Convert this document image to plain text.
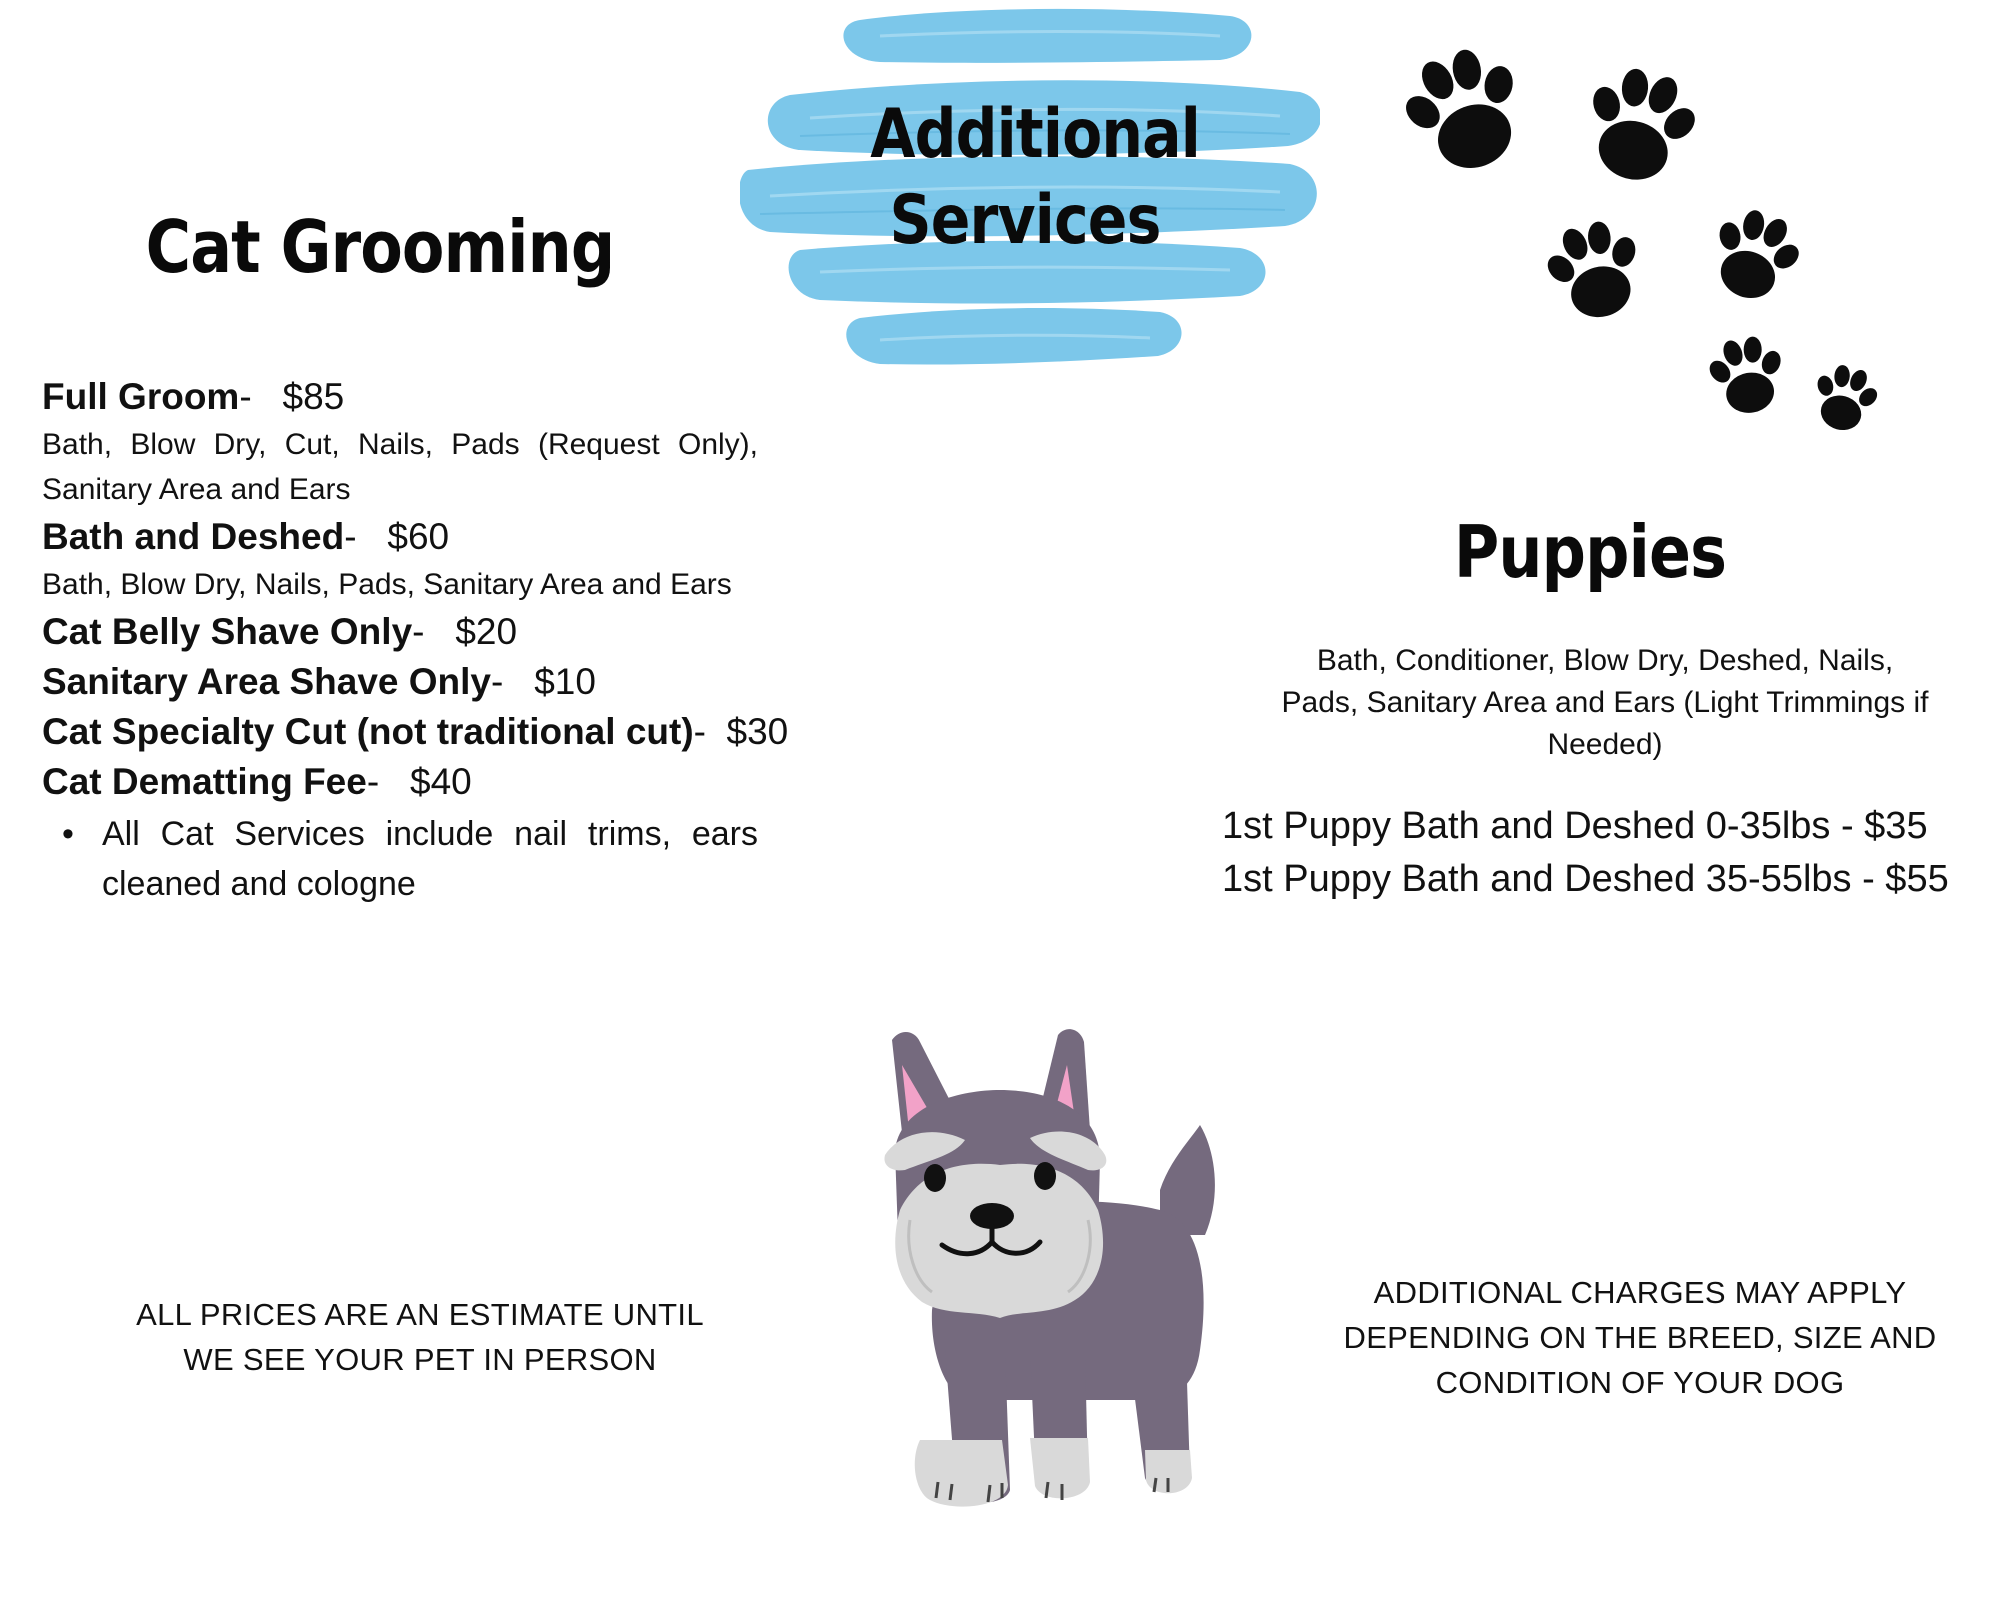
Additional
Services
Cat Grooming
Full Groom- $85
Bath, Blow Dry, Cut, Nails, Pads (Request Only), Sanitary Area and Ears
Bath and Deshed- $60
Bath, Blow Dry, Nails, Pads, Sanitary Area and Ears
Cat Belly Shave Only- $20
Sanitary Area Shave Only- $10
Cat Specialty Cut (not traditional cut)- $30
Cat Dematting Fee- $40
• All Cat Services include nail trims, ears cleaned and cologne
Puppies
Bath, Conditioner, Blow Dry, Deshed, Nails, Pads, Sanitary Area and Ears (Light Trimmings if Needed)
1st Puppy Bath and Deshed 0-35lbs - $35
1st Puppy Bath and Deshed 35-55lbs - $55
ALL PRICES ARE AN ESTIMATE UNTIL WE SEE YOUR PET IN PERSON
ADDITIONAL CHARGES MAY APPLY DEPENDING ON THE BREED, SIZE AND CONDITION OF YOUR DOG
